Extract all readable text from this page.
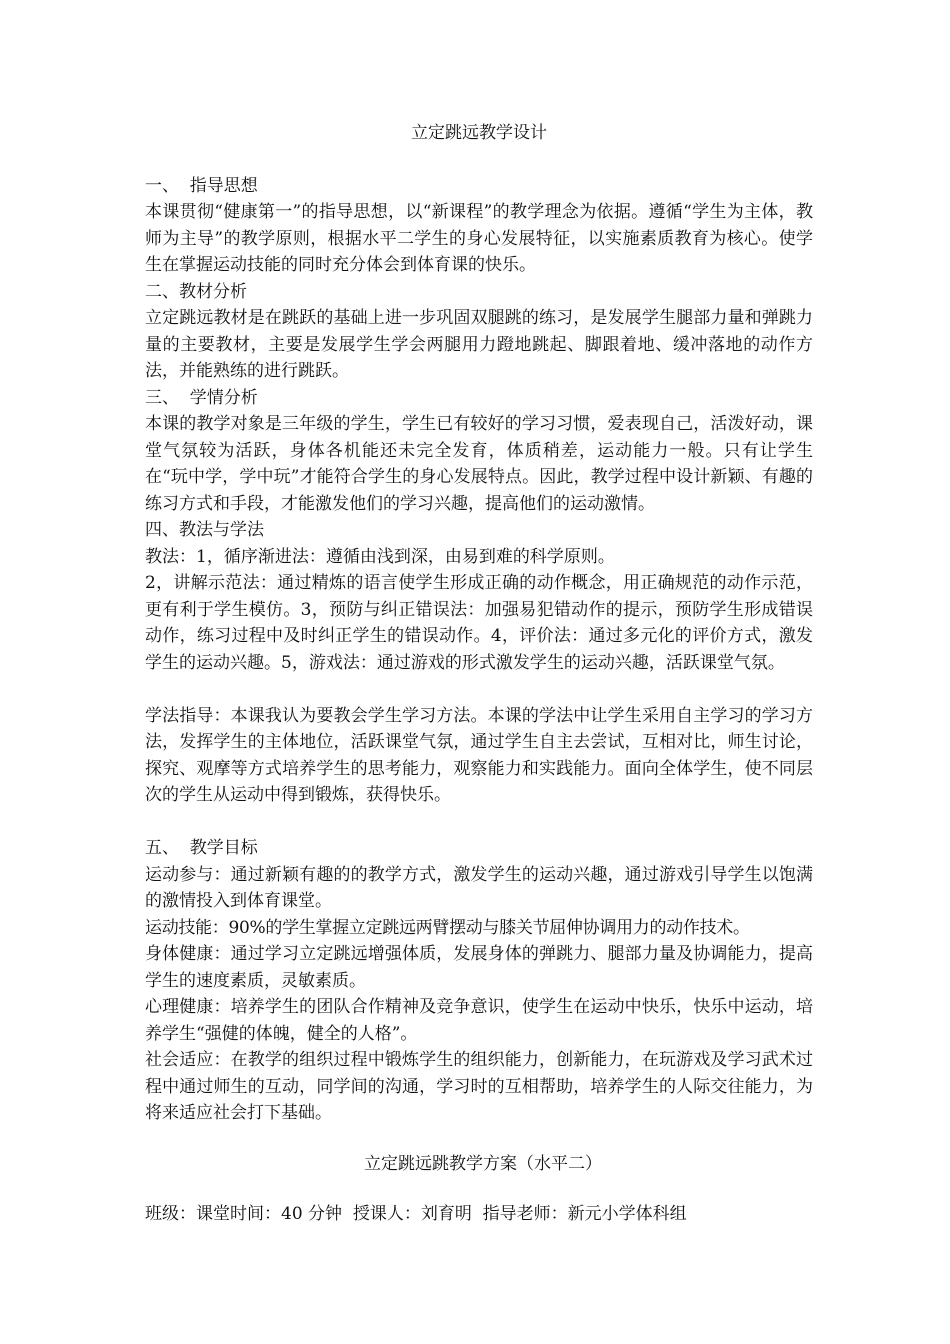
立定跳远教学设计
一、  指导思想

本课贯彻“健康第一”的指导思想，以“新课程”的教学理念为依据。遵循“学生为主体，教师为主导”的教学原则，根据水平二学生的身心发展特征，以实施素质教育为核心。使学生在掌握运动技能的同时充分体会到体育课的快乐。

二、教材分析

立定跳远教材是在跳跃的基础上进一步巩固双腿跳的练习，是发展学生腿部力量和弹跳力量的主要教材，主要是发展学生学会两腿用力蹬地跳起、脚跟着地、缓冲落地的动作方法，并能熟练的进行跳跃。

三、  学情分析

本课的教学对象是三年级的学生，学生已有较好的学习习惯，爱表现自己，活泼好动，课堂气氛较为活跃，身体各机能还未完全发育，体质稍差，运动能力一般。只有让学生在“玩中学，学中玩”才能符合学生的身心发展特点。因此，教学过程中设计新颖、有趣的练习方式和手段，才能激发他们的学习兴趣，提高他们的运动激情。

四、教法与学法

教法：1，循序渐进法：遵循由浅到深，由易到难的科学原则。

2，讲解示范法：通过精炼的语言使学生形成正确的动作概念，用正确规范的动作示范，更有利于学生模仿。3，预防与纠正错误法：加强易犯错动作的提示，预防学生形成错误动作，练习过程中及时纠正学生的错误动作。4，评价法：通过多元化的评价方式，激发学生的运动兴趣。5，游戏法：通过游戏的形式激发学生的运动兴趣，活跃课堂气氛。

学法指导：本课我认为要教会学生学习方法。本课的学法中让学生采用自主学习的学习方法，发挥学生的主体地位，活跃课堂气氛，通过学生自主去尝试，互相对比，师生讨论，探究、观摩等方式培养学生的思考能力，观察能力和实践能力。面向全体学生，使不同层次的学生从运动中得到锻炼，获得快乐。

五、  教学目标

运动参与：通过新颖有趣的的教学方式，激发学生的运动兴趣，通过游戏引导学生以饱满的激情投入到体育课堂。

运动技能：90%的学生掌握立定跳远两臂摆动与膝关节屈伸协调用力的动作技术。

身体健康：通过学习立定跳远增强体质，发展身体的弹跳力、腿部力量及协调能力，提高学生的速度素质，灵敏素质。

心理健康：培养学生的团队合作精神及竞争意识，使学生在运动中快乐，快乐中运动，培养学生“强健的体魄，健全的人格”。

社会适应：在教学的组织过程中锻炼学生的组织能力，创新能力，在玩游戏及学习武术过程中通过师生的互动，同学间的沟通，学习时的互相帮助，培养学生的人际交往能力，为将来适应社会打下基础。

立定跳远跳教学方案（水平二）

班级：课堂时间：40 分钟  授课人：刘育明  指导老师：新元小学体科组
